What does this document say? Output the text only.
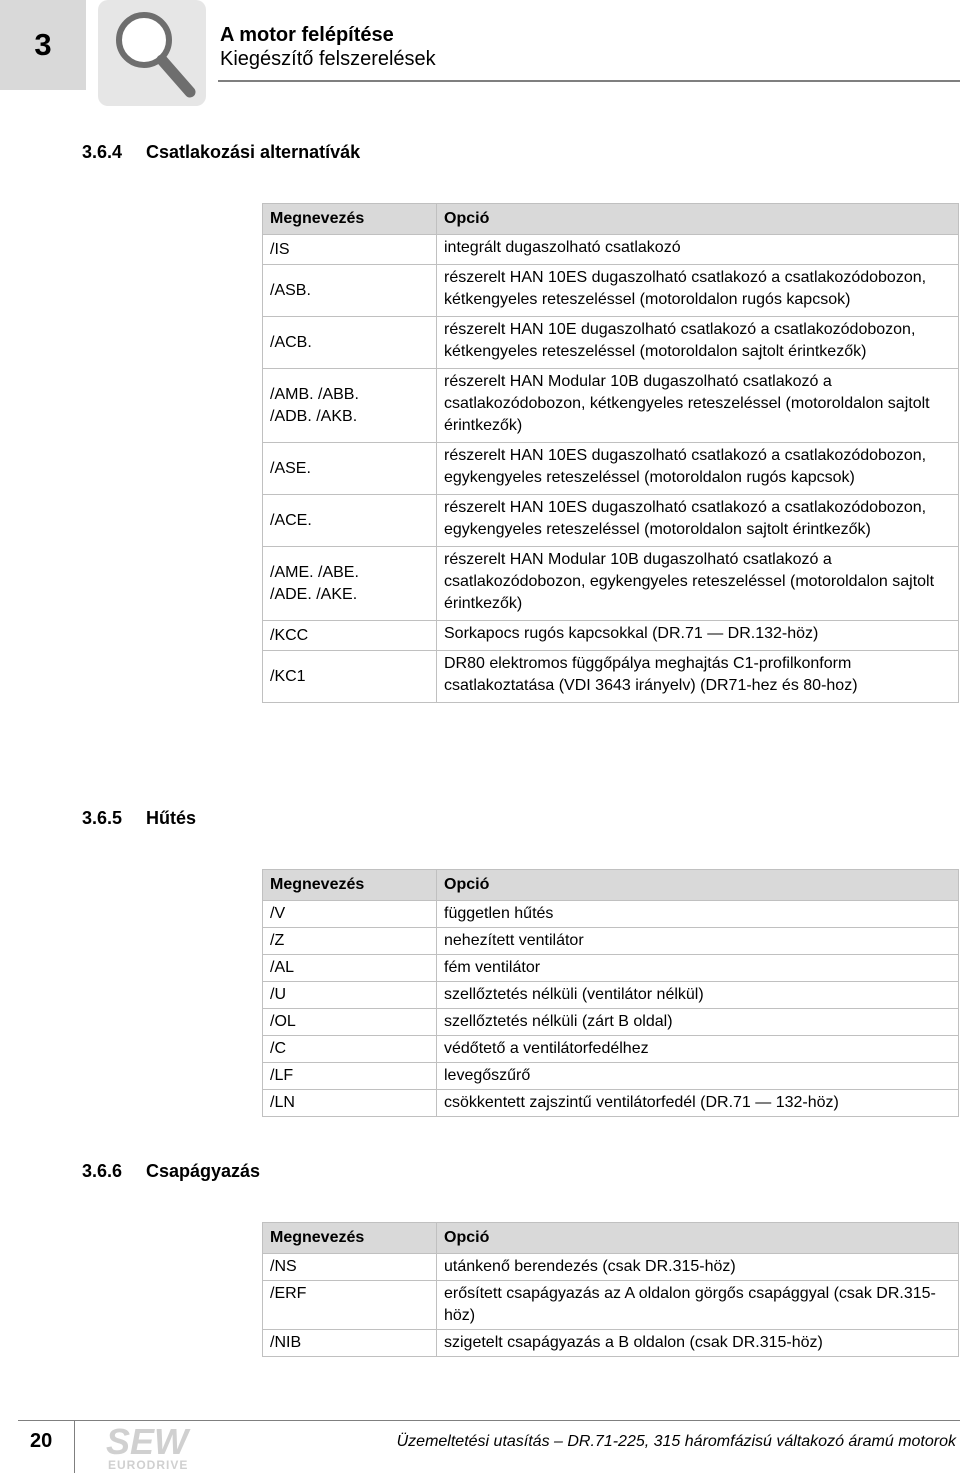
3	A motor felépítése
Kiegészítő felszerelések
3.6.4 Csatlakozási alternatívák
Megnevezés	Opció

/IS	integrált dugaszolható csatlakozó

/ASB.	részerelt HAN 10ES dugaszolható csatlakozó a csatlakozódobozon, kétkengyeles reteszeléssel (motoroldalon rugós kapcsok)

/ACB.	részerelt HAN 10E dugaszolható csatlakozó a csatlakozódobozon, kétkengyeles reteszeléssel (motoroldalon sajtolt érintkezők)

/AMB. /ABB.
/ADB. /AKB.	részerelt HAN Modular 10B dugaszolható csatlakozó a csatlakozódobozon, kétkengyeles reteszeléssel (motoroldalon sajtolt érintkezők)

/ASE.	részerelt HAN 10ES dugaszolható csatlakozó a csatlakozódobozon, egykengyeles reteszeléssel (motoroldalon rugós kapcsok)

/ACE.	részerelt HAN 10ES dugaszolható csatlakozó a csatlakozódobozon, egykengyeles reteszeléssel (motoroldalon sajtolt érintkezők)

/AME. /ABE.
/ADE. /AKE.	részerelt HAN Modular 10B dugaszolható csatlakozó a csatlakozódobozon, egykengyeles reteszeléssel (motoroldalon sajtolt érintkezők)

/KCC	Sorkapocs rugós kapcsokkal (DR.71 — DR.132-höz)

/KC1	DR80 elektromos függőpálya meghajtás C1-profilkonform csatlakoztatása (VDI 3643 irányelv) (DR71-hez és 80-hoz)
3.6.5 Hűtés
Megnevezés	Opció
/V	független hűtés
/Z	nehezített ventilátor
/AL	fém ventilátor
/U	szellőztetés nélküli (ventilátor nélkül)
/OL	szellőztetés nélküli (zárt B oldal)
/C	védőtető a ventilátorfedélhez
/LF	levegőszűrő
/LN	csökkentett zajszintű ventilátorfedél (DR.71 — 132-höz)
3.6.6 Csapágyazás
Megnevezés	Opció
/NS	utánkenő berendezés (csak DR.315-höz)
/ERF	erősített csapágyazás az A oldalon görgős csapággyal (csak DR.315-höz)
/NIB	szigetelt csapágyazás a B oldalon (csak DR.315-höz)
20 SEW
EURODRIVE
Üzemeltetési utasítás – DR.71-225, 315 háromfázisú váltakozó áramú motorok
